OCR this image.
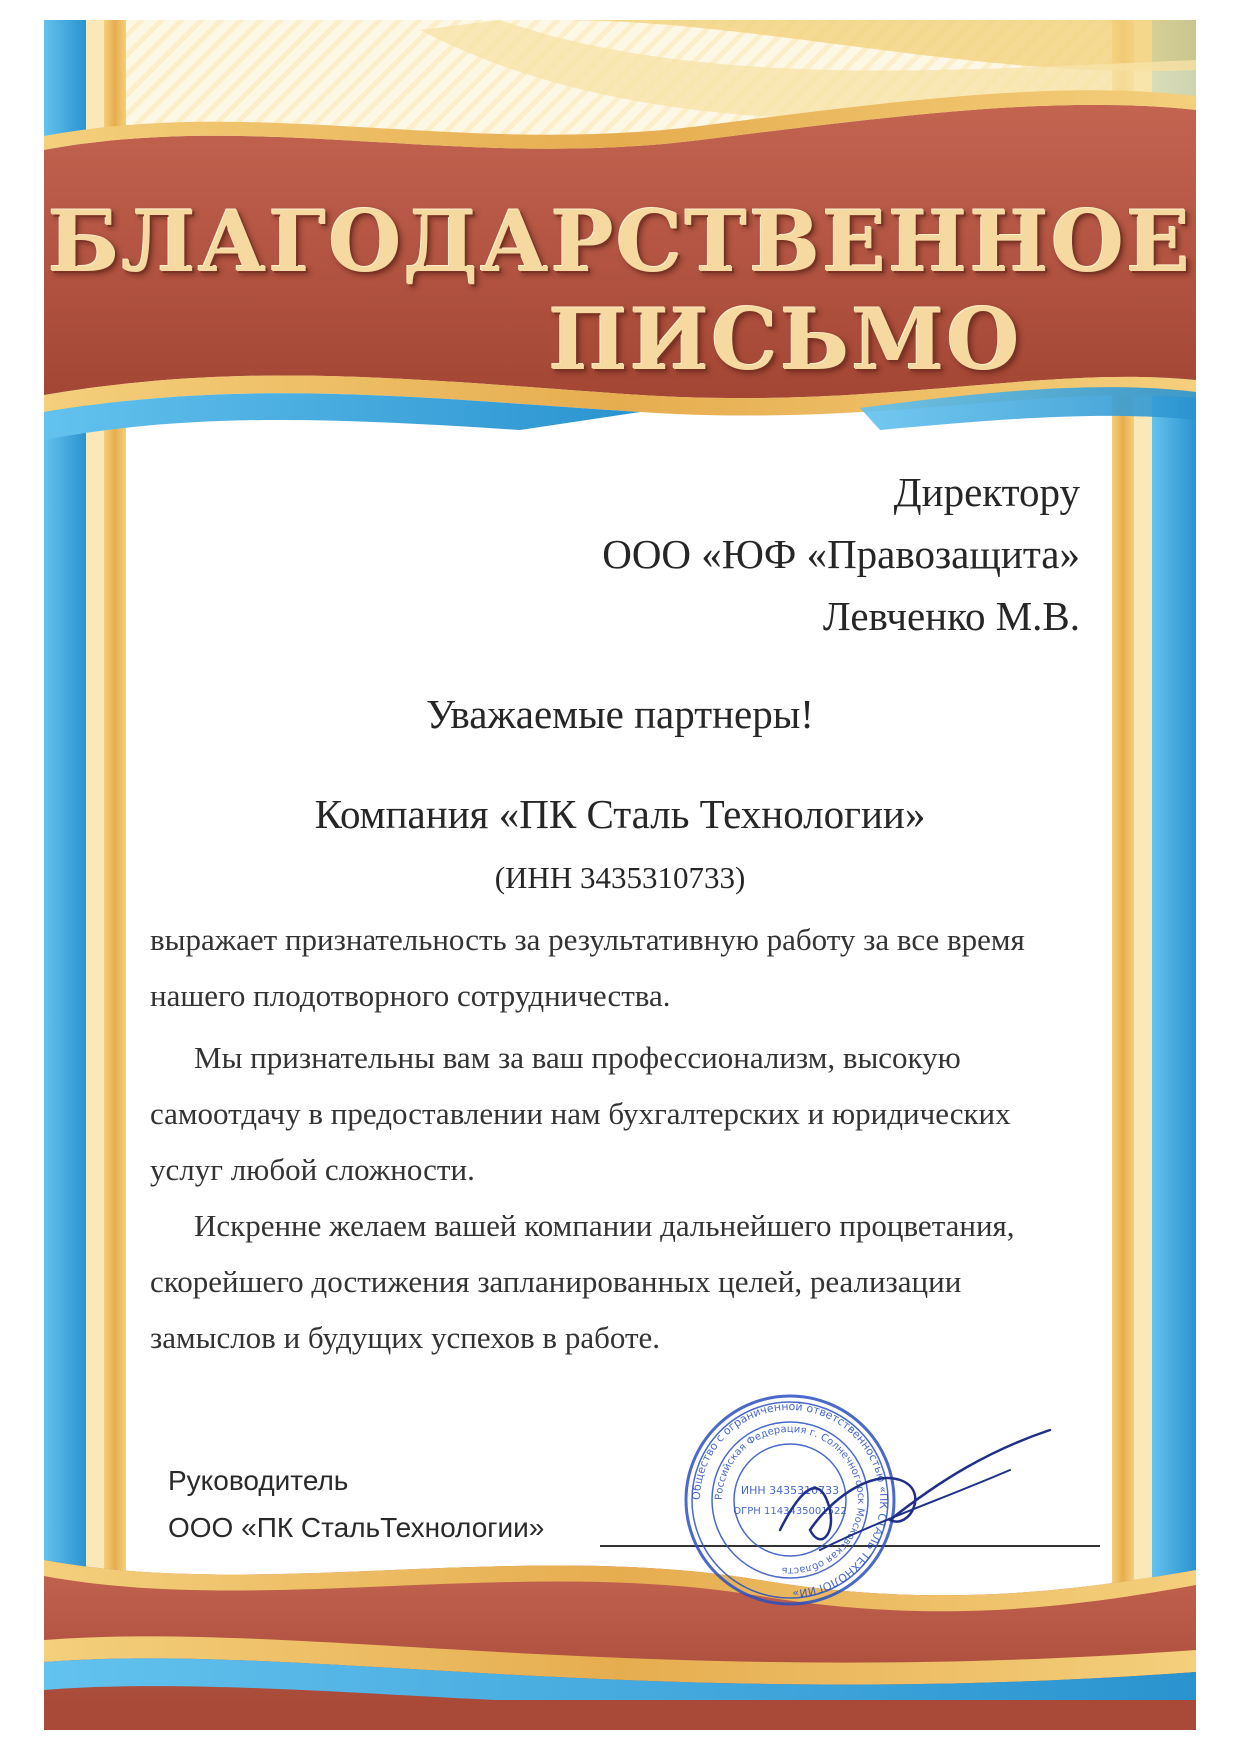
БЛАГОДАРСТВЕННОЕ
ПИСЬМО

Директору

ООО «ЮФ «Правозащита»

Левченко М.В.

Уважаемые партнеры!

Компания «ПК Сталь Технологии»

(ИНН 3435310733)

выражает признательность за результативную работу за все время нашего плодотворного сотрудничества.

Мы признательны вам за ваш профессионализм, высокую самоотдачу в предоставлении нам бухгалтерских и юридических услуг любой сложности.

Искренне желаем вашей компании дальнейшего процветания, скорейшего достижения запланированных целей, реализации замыслов и будущих успехов в работе.

Руководитель

ООО «ПК СтальТехнологии»

Общество с ограниченной ответственностью «ПК СТАЛЬ ТЕХНОЛОГИИ»
Российская Федерация г. Солнечногорск Московская область
ИНН 3435310733
ОГРН 1143435001522
